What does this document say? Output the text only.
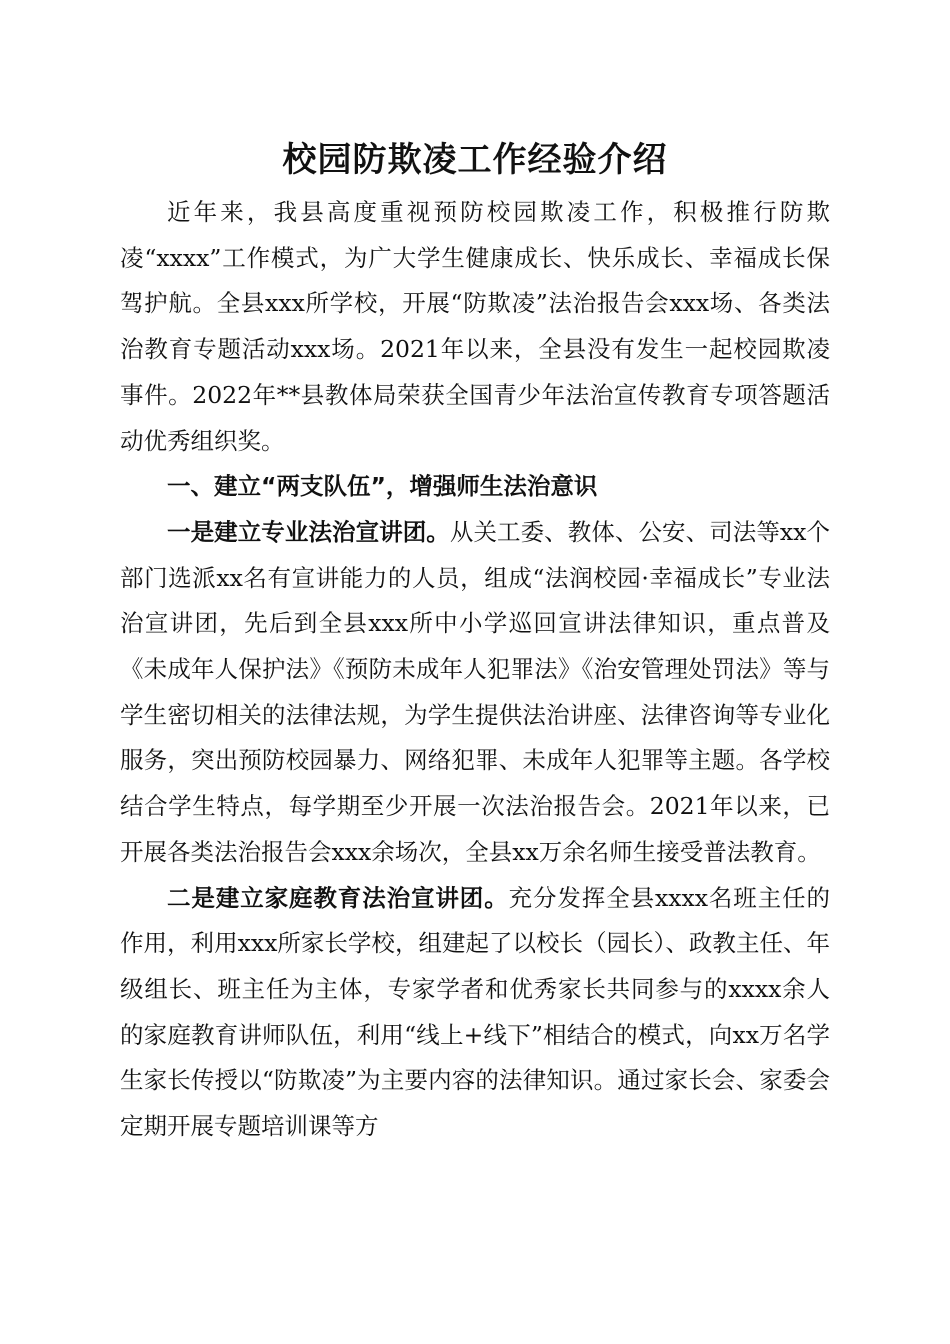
校园防欺凌工作经验介绍

近年来，我县高度重视预防校园欺凌工作，积极推行防欺凌“xxxx”工作模式，为广大学生健康成长、快乐成长、幸福成长保驾护航。全县xxx所学校，开展“防欺凌”法治报告会xxx场、各类法治教育专题活动xxx场。2021年以来，全县没有发生一起校园欺凌事件。2022年**县教体局荣获全国青少年法治宣传教育专项答题活动优秀组织奖。

一、建立“两支队伍”，增强师生法治意识

一是建立专业法治宣讲团。从关工委、教体、公安、司法等xx个部门选派xx名有宣讲能力的人员，组成“法润校园·幸福成长”专业法治宣讲团，先后到全县xxx所中小学巡回宣讲法律知识，重点普及《未成年人保护法》《预防未成年人犯罪法》《治安管理处罚法》等与学生密切相关的法律法规，为学生提供法治讲座、法律咨询等专业化服务，突出预防校园暴力、网络犯罪、未成年人犯罪等主题。各学校结合学生特点，每学期至少开展一次法治报告会。2021年以来，已开展各类法治报告会xxx余场次，全县xx万余名师生接受普法教育。

二是建立家庭教育法治宣讲团。充分发挥全县xxxx名班主任的作用，利用xxx所家长学校，组建起了以校长（园长）、政教主任、年级组长、班主任为主体，专家学者和优秀家长共同参与的xxxx余人的家庭教育讲师队伍，利用“线上+线下”相结合的模式，向xx万名学生家长传授以“防欺凌”为主要内容的法律知识。通过家长会、家委会定期开展专题培训课等方
